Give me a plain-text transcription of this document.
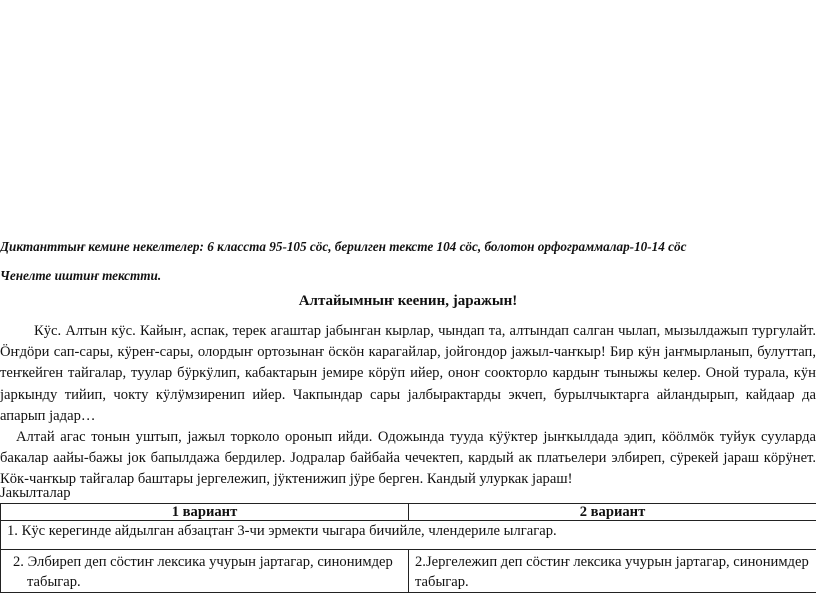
Диктанттыҥ кемине некелтелер: 6 класста 95-105 сӧс, берилген тексте 104 сӧс, болотон орфограммалар-10-14 сӧс
Ченелте иштиҥ текстти.
Алтайымныҥ кеенин, јаражын!

Кӱс. Алтын кӱс. Кайыҥ, аспак, терек агаштар јабынган кырлар, чындап та, алтындап салган чылап, мызылдажып тургулайт. Ӧҥдӧри сап-сары, кӱреҥ-сары, олордыҥ ортозынаҥ ӧскӧн карагайлар, јойгондор јажыл-чаҥкыр! Бир кӱн јаҥмырланып, булуттап, теҥкейген тайгалар, туулар бӱркӱлип, кабактарын јемире кӧрӱп ийер, оноҥ соокторло кардыҥ тыныжы келер. Оной турала, кӱн јаркынду тийип, чокту кӱлӱмзиренип ийер. Чакпындар сары јалбырактарды экчеп, бурылчыктарга айландырып, кайдаар да апарып јадар…

Алтай агас тонын уштып, јажыл торколо оронып ийди. Одожында тууда кӱӱктер јыҥкылдада эдип, кӧӧлмӧк туйук сууларда бакалар аайы-бажы јок бапылдажа бердилер. Јодралар байбайа чечектеп, кардый ак платьелери элбиреп, сӱрекей јараш кӧрӱнет. Кӧк-чаҥкыр тайгалар баштары јергележип, јӱктенижип јӱре берген. Кандый улуркак јараш!

Јакылталар
1 вариант	2 вариант
1. Кӱс керегинде айдылган абзацтаҥ 3-чи эрмекти чыгара бичийле, члендериле ылгагар.	

2. Элбиреп деп сӧстиҥ лексика учурын јартагар, синонимдер табыгар.	2.Јергележип деп сӧстиҥ лексика учурын јартагар, синонимдер табыгар.
